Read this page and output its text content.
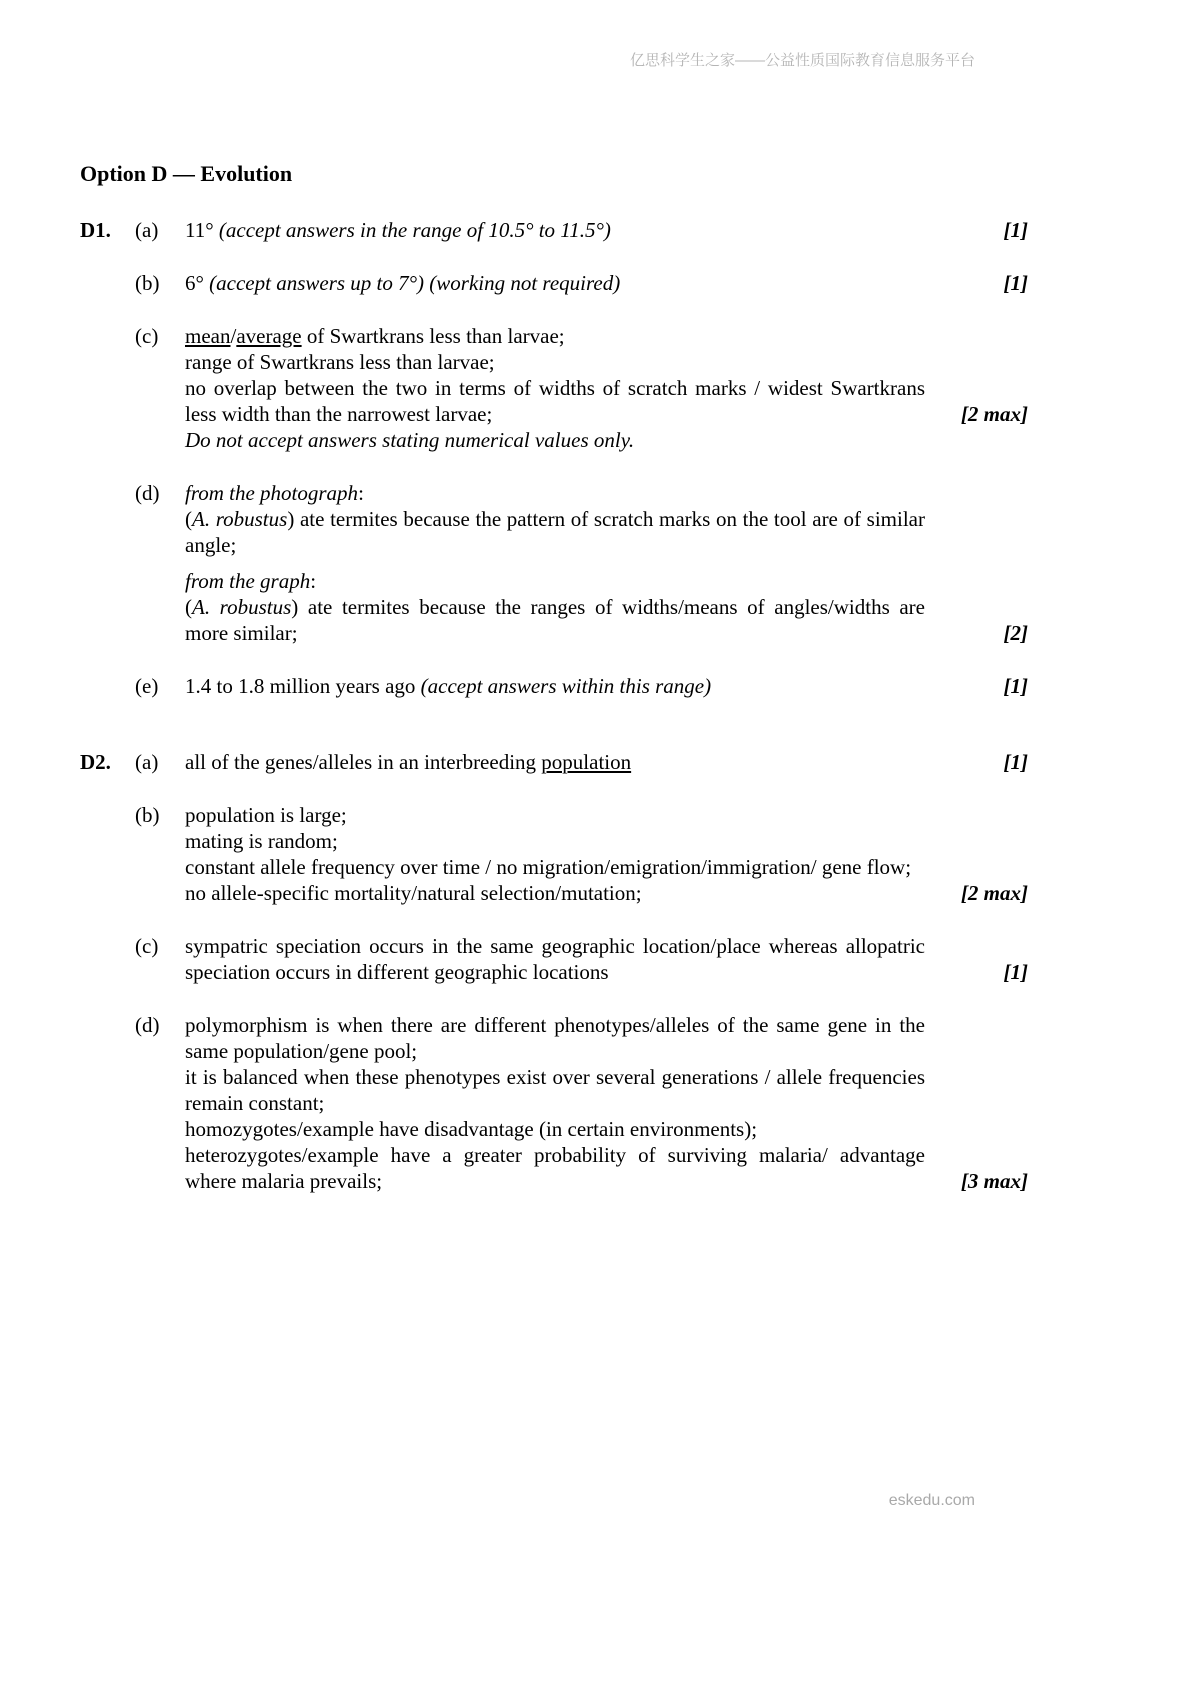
亿思科学生之家——公益性质国际教育信息服务平台
Option D — Evolution
D1.	(a)	11° (accept answers in the range of 10.5° to 11.5°)	[1]
(b)	6° (accept answers up to 7°) (working not required)	[1]
(c)	mean/average of Swartkrans less than larvae;
range of Swartkrans less than larvae;
no overlap between the two in terms of widths of scratch marks / widest Swartkrans less width than the narrowest larvae;	[2 max]
Do not accept answers stating numerical values only.
(d)	from the photograph:
(A. robustus) ate termites because the pattern of scratch marks on the tool are of similar angle;
from the graph:
(A. robustus) ate termites because the ranges of widths/means of angles/widths are more similar;	[2]
(e)	1.4 to 1.8 million years ago (accept answers within this range)	[1]
D2.	(a)	all of the genes/alleles in an interbreeding population	[1]
(b)	population is large;
mating is random;
constant allele frequency over time / no migration/emigration/immigration/ gene flow;
no allele-specific mortality/natural selection/mutation;	[2 max]
(c)	sympatric speciation occurs in the same geographic location/place whereas allopatric speciation occurs in different geographic locations	[1]
(d)	polymorphism is when there are different phenotypes/alleles of the same gene in the same population/gene pool;
it is balanced when these phenotypes exist over several generations / allele frequencies remain constant;
homozygotes/example have disadvantage (in certain environments);
heterozygotes/example have a greater probability of surviving malaria/ advantage where malaria prevails;	[3 max]
eskedu.com
